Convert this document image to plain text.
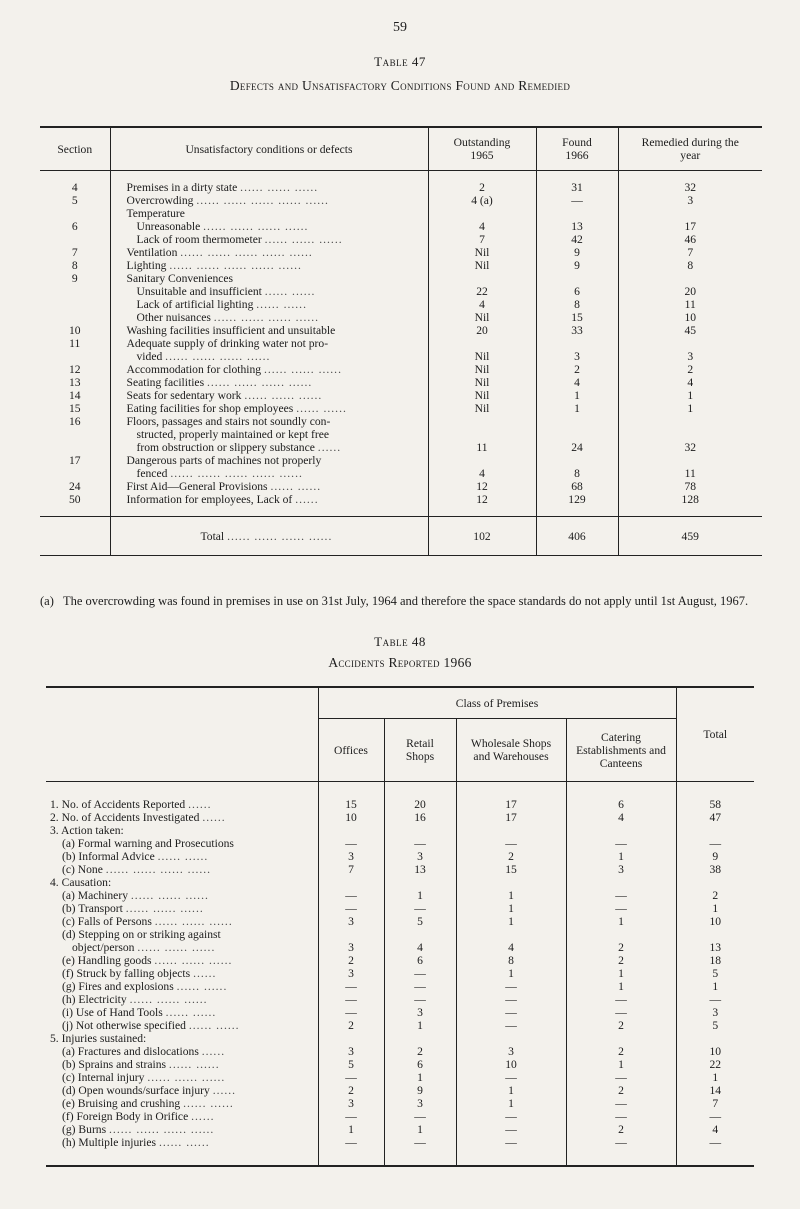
59
Table 47
Defects and Unsatisfactory Conditions Found and Remedied
Section	Unsatisfactory conditions or defects	Outstanding 1965	Found 1966	Remedied during the year

4	Premises in a dirty state ...... ...... ......	2	31	32
5	Overcrowding ...... ...... ...... ...... ......	4 (a)	—	3
	Temperature			
6	Unreasonable ...... ...... ...... ......	4	13	17
	Lack of room thermometer ...... ...... ......	7	42	46
7	Ventilation ...... ...... ...... ...... ......	Nil	9	7
8	Lighting ...... ...... ...... ...... ......	Nil	9	8
9	Sanitary Conveniences			
	Unsuitable and insufficient ...... ......	22	6	20
	Lack of artificial lighting ...... ......	4	8	11
	Other nuisances ...... ...... ...... ......	Nil	15	10
10	Washing facilities insufficient and unsuitable	20	33	45
11	Adequate supply of drinking water not pro-			
	vided ...... ...... ...... ......	Nil	3	3
12	Accommodation for clothing ...... ...... ......	Nil	2	2
13	Seating facilities ...... ...... ...... ......	Nil	4	4
14	Seats for sedentary work ...... ...... ......	Nil	1	1
15	Eating facilities for shop employees ...... ......	Nil	1	1
16	Floors, passages and stairs not soundly con-			
	structed, properly maintained or kept free			
	from obstruction or slippery substance ......	11	24	32
17	Dangerous parts of machines not properly			
	fenced ...... ...... ...... ...... ......	4	8	11
24	First Aid—General Provisions ...... ......	12	68	78
50	Information for employees, Lack of ......	12	129	128

	Total ...... ...... ...... ......	102	406	459
(a) The overcrowding was found in premises in use on 31st July, 1964 and therefore the space standards do not apply until 1st August, 1967.
Table 48
Accidents Reported 1966
	Class of Premises				Total
	Offices	Retail Shops	Wholesale Shops and Warehouses	Catering Establishments and Canteens	

1. No. of Accidents Reported ......	15	20	17	6	58
2. No. of Accidents Investigated ......	10	16	17	4	47
3. Action taken:					
(a) Formal warning and Prosecutions	—	—	—	—	—
(b) Informal Advice ...... ......	3	3	2	1	9
(c) None ...... ...... ...... ......	7	13	15	3	38
4. Causation:					
(a) Machinery ...... ...... ......	—	1	1	—	2
(b) Transport ...... ...... ......	—	—	1	—	1
(c) Falls of Persons ...... ...... ......	3	5	1	1	10
(d) Stepping on or striking against					
object/person ...... ...... ......	3	4	4	2	13
(e) Handling goods ...... ...... ......	2	6	8	2	18
(f) Struck by falling objects ......	3	—	1	1	5
(g) Fires and explosions ...... ......	—	—	—	1	1
(h) Electricity ...... ...... ......	—	—	—	—	—
(i) Use of Hand Tools ...... ......	—	3	—	—	3
(j) Not otherwise specified ...... ......	2	1	—	2	5
5. Injuries sustained:					
(a) Fractures and dislocations ......	3	2	3	2	10
(b) Sprains and strains ...... ......	5	6	10	1	22
(c) Internal injury ...... ...... ......	—	1	—	—	1
(d) Open wounds/surface injury ......	2	9	1	2	14
(e) Bruising and crushing ...... ......	3	3	1	—	7
(f) Foreign Body in Orifice ......	—	—	—	—	—
(g) Burns ...... ...... ...... ......	1	1	—	2	4
(h) Multiple injuries ...... ......	—	—	—	—	—
